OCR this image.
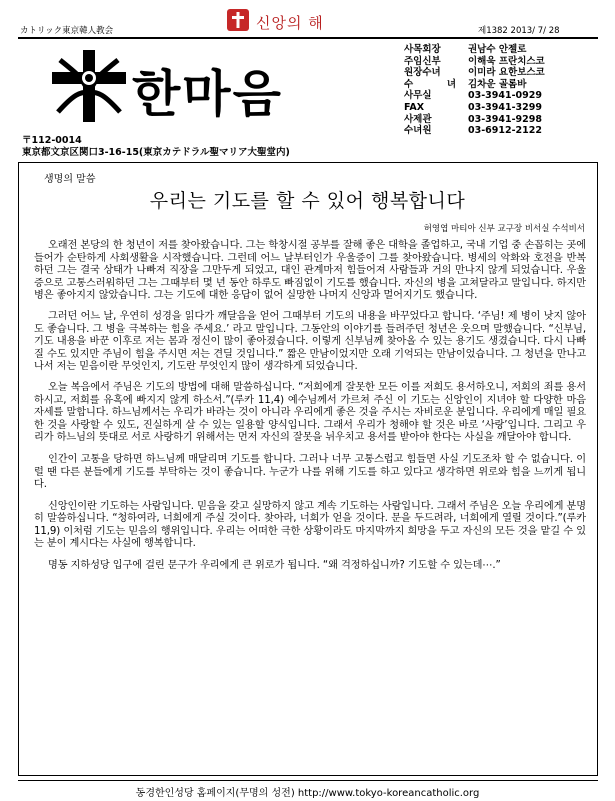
カトリック東京韓人教会	신앙의 해	제1382 2013/ 7/ 28
한마음
사목회장	권남수 안젤로
주임신부	이해욱 프란치스코
원장수녀	이미라 요한보스코
수 녀	김차운 골롬바
사무실	03-3941-0929
FAX	03-3941-3299
사제관	03-3941-9298
수녀원	03-6912-2122
〒112-0014
東京都文京区関口3-16-15(東京カテドラル聖マリア大聖堂内)
생명의 말씀
우리는 기도를 할 수 있어 행복합니다
허영엽 마티아 신부 교구장 비서실 수석비서

오래전 본당의 한 청년이 저를 찾아왔습니다. 그는 학창시절 공부를 잘해 좋은 대학을 졸업하고, 국내 기업 중 손꼽히는 곳에 들어가 순탄하게 사회생활을 시작했습니다. 그런데 어느 날부터인가 우울증이 그를 찾아왔습니다. 병세의 악화와 호전을 반복하던 그는 결국 상태가 나빠져 직장을 그만두게 되었고, 대인 관계마저 힘들어져 사람들과 거의 만나지 않게 되었습니다. 우울증으로 고통스러워하던 그는 그때부터 몇 년 동안 하루도 빠짐없이 기도를 했습니다. 자신의 병을 고쳐달라고 말입니다. 하지만 병은 좋아지지 않았습니다. 그는 기도에 대한 응답이 없어 실망한 나머지 신앙과 멀어지기도 했습니다.

그러던 어느 날, 우연히 성경을 읽다가 깨달음을 얻어 그때부터 기도의 내용을 바꾸었다고 합니다. ‘주님! 제 병이 낫지 않아도 좋습니다. 그 병을 극복하는 힘을 주세요.’ 라고 말입니다. 그동안의 이야기를 들려주던 청년은 웃으며 말했습니다. “신부님, 기도 내용을 바꾼 이후로 저는 몸과 정신이 많이 좋아졌습니다. 이렇게 신부님께 찾아올 수 있는 용기도 생겼습니다. 다시 나빠질 수도 있지만 주님이 힘을 주시면 저는 견딜 것입니다.” 짧은 만남이었지만 오래 기억되는 만남이었습니다. 그 청년을 만나고 나서 저는 믿음이란 무엇인지, 기도란 무엇인지 많이 생각하게 되었습니다.

오늘 복음에서 주님은 기도의 방법에 대해 말씀하십니다. “저희에게 잘못한 모든 이를 저희도 용서하오니, 저희의 죄를 용서하시고, 저희를 유혹에 빠지지 않게 하소서.”(루카 11,4) 예수님께서 가르쳐 주신 이 기도는 신앙인이 지녀야 할 다양한 마음 자세를 말합니다. 하느님께서는 우리가 바라는 것이 아니라 우리에게 좋은 것을 주시는 자비로운 분입니다. 우리에게 매일 필요한 것을 사랑할 수 있도, 진실하게 살 수 있는 일용할 양식입니다. 그래서 우리가 청해야 할 것은 바로 ‘사랑’입니다. 그리고 우리가 하느님의 뜻대로 서로 사랑하기 위해서는 먼저 자신의 잘못을 뉘우치고 용서를 받아야 한다는 사실을 깨달아야 합니다.

인간이 고통을 당하면 하느님께 매달리며 기도를 합니다. 그러나 너무 고통스럽고 힘들면 사실 기도조차 할 수 없습니다. 이럴 땐 다른 분들에게 기도를 부탁하는 것이 좋습니다. 누군가 나를 위해 기도를 하고 있다고 생각하면 위로와 힘을 느끼게 됩니다.

신앙인이란 기도하는 사람입니다. 믿음을 갖고 실망하지 않고 계속 기도하는 사람입니다. 그래서 주님은 오늘 우리에게 분명히 말씀하십니다. “청하여라, 너희에게 주실 것이다. 찾아라, 너희가 얻을 것이다. 문을 두드려라, 너희에게 열릴 것이다.”(루카 11,9) 이처럼 기도는 믿음의 행위입니다. 우리는 어떠한 극한 상황이라도 마지막까지 희망을 두고 자신의 모든 것을 맡길 수 있는 분이 계시다는 사실에 행복합니다.

명동 지하성당 입구에 걸린 문구가 우리에게 큰 위로가 됩니다. “왜 걱정하십니까? 기도할 수 있는데⋯.”

동경한인성당 홈페이지(무명의 성전) http://www.tokyo-koreancatholic.org
